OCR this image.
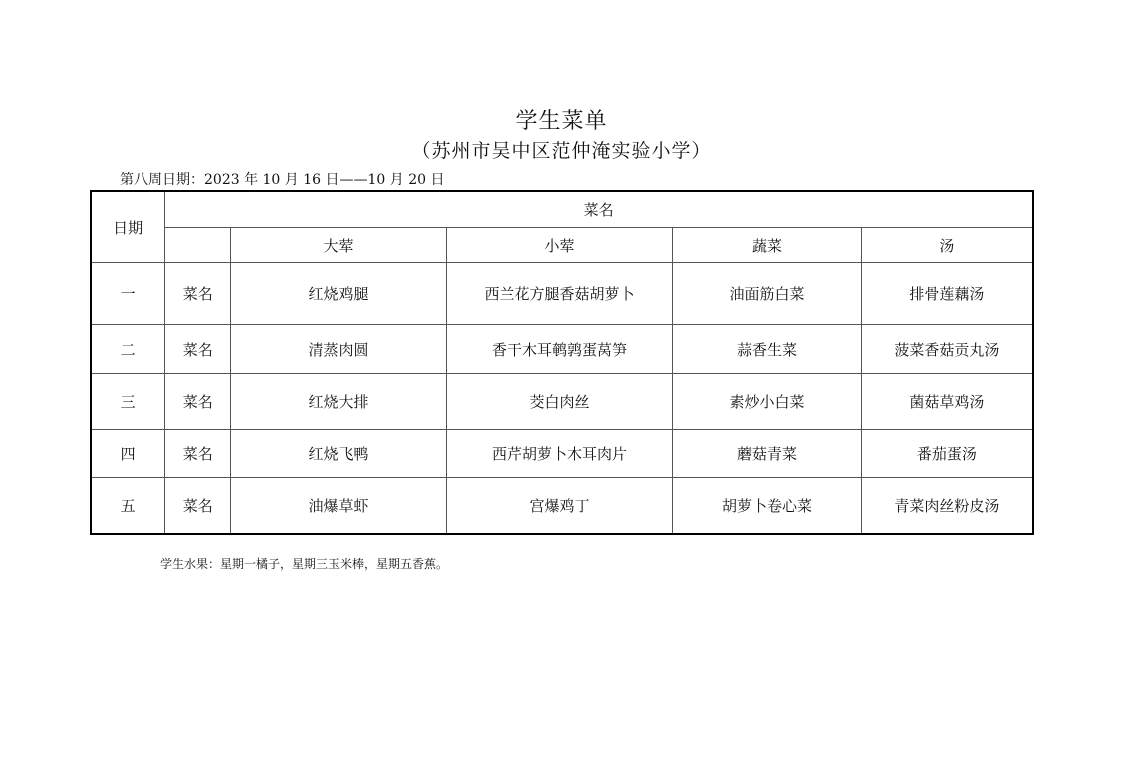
学生菜单
（苏州市吴中区范仲淹实验小学）
第八周日期：2023 年 10 月 16 日——10 月 20 日
日期	菜名				
		大荤	小荤	蔬菜	汤
一	菜名	红烧鸡腿	西兰花方腿香菇胡萝卜	油面筋白菜	排骨莲藕汤
二	菜名	清蒸肉圆	香干木耳鹌鹑蛋莴笋	蒜香生菜	菠菜香菇贡丸汤
三	菜名	红烧大排	茭白肉丝	素炒小白菜	菌菇草鸡汤
四	菜名	红烧飞鸭	西芹胡萝卜木耳肉片	蘑菇青菜	番茄蛋汤
五	菜名	油爆草虾	宫爆鸡丁	胡萝卜卷心菜	青菜肉丝粉皮汤
学生水果：星期一橘子，星期三玉米棒，星期五香蕉。
